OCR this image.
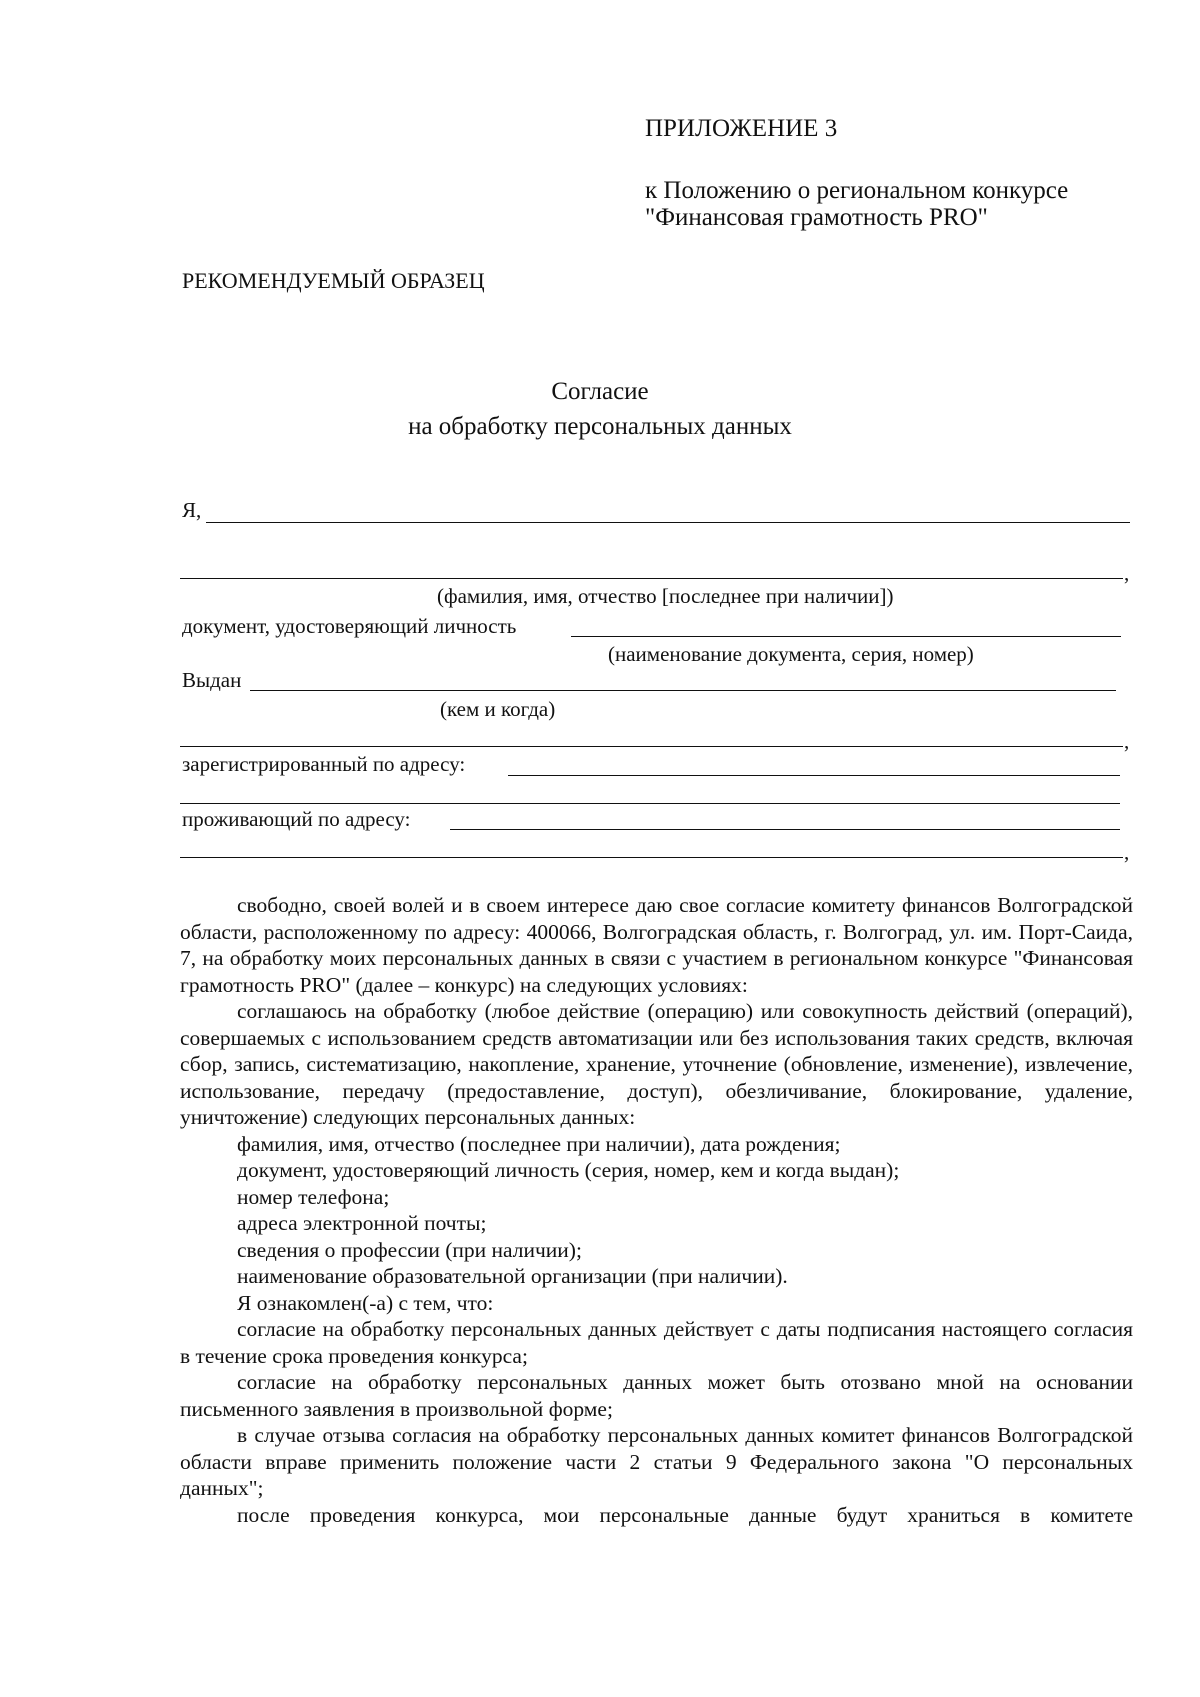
ПРИЛОЖЕНИЕ 3
к Положению о региональном конкурсе
"Финансовая грамотность PRO"
РЕКОМЕНДУЕМЫЙ ОБРАЗЕЦ
Согласие
на обработку персональных данных
Я,
,
(фамилия, имя, отчество [последнее при наличии])
документ, удостоверяющий личность
(наименование документа, серия, номер)
Выдан
(кем и когда)
,
зарегистрированный по адресу:
проживающий по адресу:
,

свободно, своей волей и в своем интересе даю свое согласие комитету финансов Волгоградской области, расположенному по адресу: 400066, Волгоградская область, г. Волгоград, ул. им. Порт-Саида, 7, на обработку моих персональных данных в связи с участием в региональном конкурсе "Финансовая грамотность PRO" (далее – конкурс) на следующих условиях:

соглашаюсь на обработку (любое действие (операцию) или совокупность действий (операций), совершаемых с использованием средств автоматизации или без использования таких средств, включая сбор, запись, систематизацию, накопление, хранение, уточнение (обновление, изменение), извлечение, использование, передачу (предоставление, доступ), обезличивание, блокирование, удаление, уничтожение) следующих персональных данных:

фамилия, имя, отчество (последнее при наличии), дата рождения;

документ, удостоверяющий личность (серия, номер, кем и когда выдан);

номер телефона;

адреса электронной почты;

сведения о профессии (при наличии);

наименование образовательной организации (при наличии).

Я ознакомлен(-а) с тем, что:

согласие на обработку персональных данных действует с даты подписания настоящего согласия в течение срока проведения конкурса;

согласие на обработку персональных данных может быть отозвано мной на основании письменного заявления в произвольной форме;

в случае отзыва согласия на обработку персональных данных комитет финансов Волгоградской области вправе применить положение части 2 статьи 9 Федерального закона "О персональных данных";

после проведения конкурса, мои персональные данные будут храниться в комитете
